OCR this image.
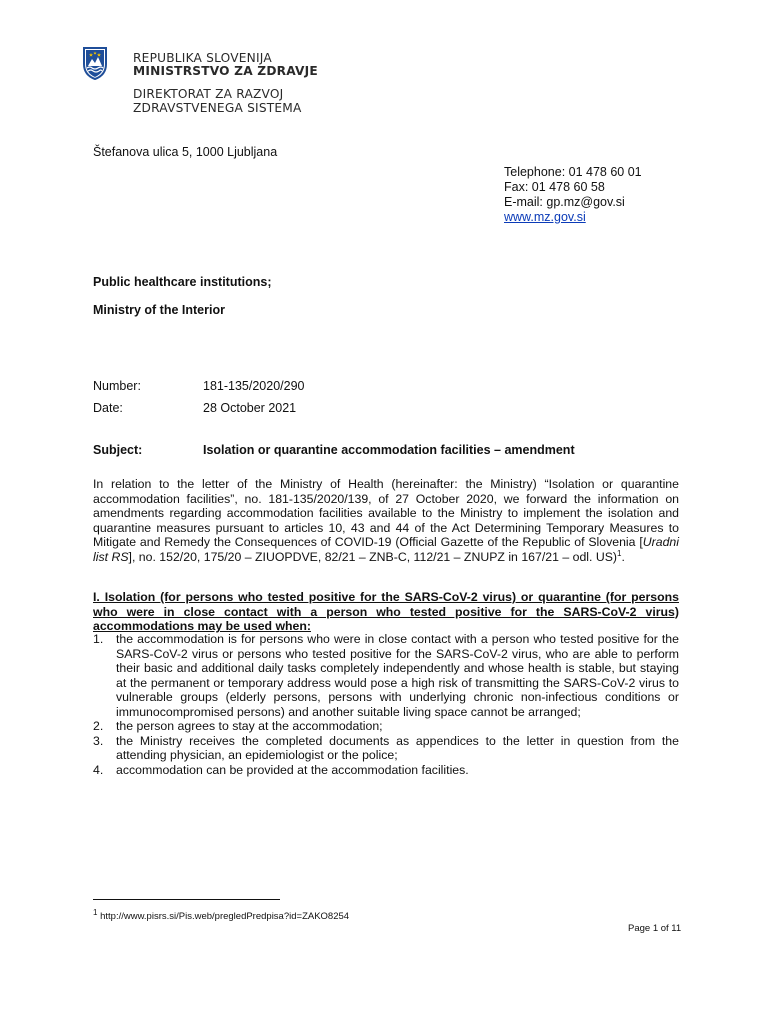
REPUBLIKA SLOVENIJA
MINISTRSTVO ZA ZDRAVJE
DIREKTORAT ZA RAZVOJ
ZDRAVSTVENEGA SISTEMA
Štefanova ulica 5, 1000 Ljubljana
Telephone: 01 478 60 01
Fax: 01 478 60 58
E-mail: gp.mz@gov.si
www.mz.gov.si
Public healthcare institutions;
Ministry of the Interior
Number:	181-135/2020/290
Date:	28 October 2021
Subject:	Isolation or quarantine accommodation facilities – amendment
In relation to the letter of the Ministry of Health (hereinafter: the Ministry) “Isolation or quarantine accommodation facilities”, no. 181-135/2020/139, of 27 October 2020, we forward the information on amendments regarding accommodation facilities available to the Ministry to implement the isolation and quarantine measures pursuant to articles 10, 43 and 44 of the Act Determining Temporary Measures to Mitigate and Remedy the Consequences of COVID-19 (Official Gazette of the Republic of Slovenia [Uradni list RS], no. 152/20, 175/20 – ZIUOPDVE, 82/21 – ZNB-C, 112/21 – ZNUPZ in 167/21 – odl. US)$^1$.
I. Isolation (for persons who tested positive for the SARS-CoV-2 virus) or quarantine (for persons who were in close contact with a person who tested positive for the SARS-CoV-2 virus) accommodations may be used when:
1. the accommodation is for persons who were in close contact with a person who tested positive for the SARS-CoV-2 virus or persons who tested positive for the SARS-CoV-2 virus, who are able to perform their basic and additional daily tasks completely independently and whose health is stable, but staying at the permanent or temporary address would pose a high risk of transmitting the SARS-CoV-2 virus to vulnerable groups (elderly persons, persons with underlying chronic non-infectious conditions or immunocompromised persons) and another suitable living space cannot be arranged;
2. the person agrees to stay at the accommodation;
3. the Ministry receives the completed documents as appendices to the letter in question from the attending physician, an epidemiologist or the police;
4. accommodation can be provided at the accommodation facilities.
$^1$ http://www.pisrs.si/Pis.web/pregledPredpisa?id=ZAKO8254
Page 1 of 11
